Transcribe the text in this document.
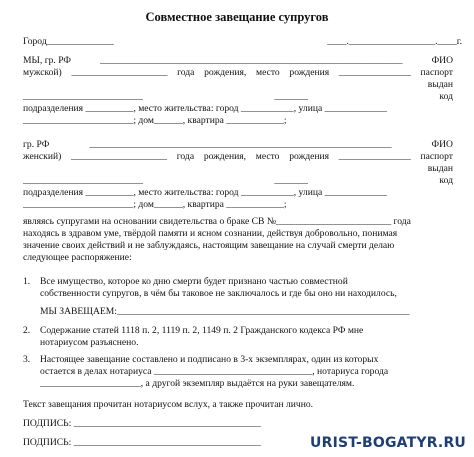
Совместное завещание супругов
Город______________	____.__________________.____г.
МЫ, гр. РФ	_______________________________________________________________	ФИО
мужской) ____________________ года рождения, место рождения _______________ паспорт
выдан
_________________________	_______	код
подразделения __________, место жительства: город ___________, улица _____________
_______________________; дом______, квартира ____________;
гр. РФ	_______________________________________________________________	ФИО
женский) ____________________ года рождения, место рождения _______________ паспорт
выдан
_________________________	_______	код
подразделения __________, место жительства: город ___________, улица _____________
_______________________; дом______, квартира ____________;
являясь супругами на основании свидетельства о браке СВ №________________________ года
находясь в здравом уме, твёрдой памяти и ясном сознании, действуя добровольно, понимая
значение своих действий и не заблуждаясь, настоящим завещание на случай смерти делаю
следующее распоряжение:
1. Все имущество, которое ко дню смерти будет признано частью совместной
собственности супругов, в чём бы таковое не заключалось и где бы оно ни находилось,
МЫ ЗАВЕЩАЕМ:_____________________________________________________________
2. Содержание статей 1118 п. 2, 1119 п. 2, 1149 п. 2 Гражданского кодекса РФ мне
нотариусом разъяснено.
3. Настоящее завещание составлено и подписано в 3-х экземплярах, один из которых
остается в делах нотариуса _________________________________, нотариуса города
_____________________, а другой экземпляр выдаётся на руки завещателям.
Текст завещания прочитан нотариусом вслух, а также прочитан лично.
ПОДПИСЬ: _______________________________________
ПОДПИСЬ: _______________________________________	URIST-BOGATYR.RU
